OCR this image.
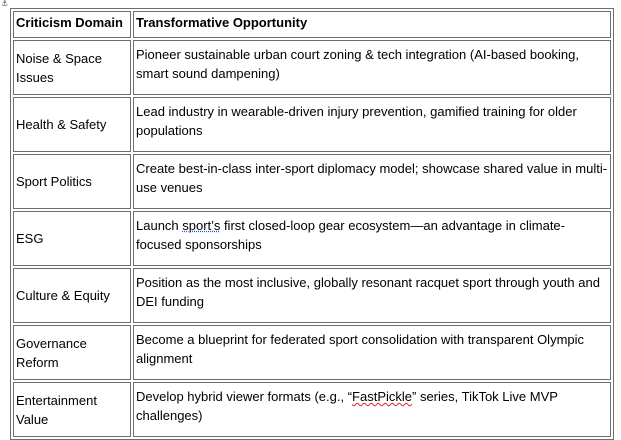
⚓
Criticism Domain	Transformative Opportunity
Noise & Space Issues	Pioneer sustainable urban court zoning & tech integration (AI-based booking, smart sound dampening)
Health & Safety	Lead industry in wearable-driven injury prevention, gamified training for older populations
Sport Politics	Create best-in-class inter-sport diplomacy model; showcase shared value in multi-use venues
ESG	Launch sport’s first closed-loop gear ecosystem—an advantage in climate-focused sponsorships
Culture & Equity	Position as the most inclusive, globally resonant racquet sport through youth and DEI funding
Governance Reform	Become a blueprint for federated sport consolidation with transparent Olympic alignment
Entertainment Value	Develop hybrid viewer formats (e.g., “FastPickle” series, TikTok Live MVP challenges)
